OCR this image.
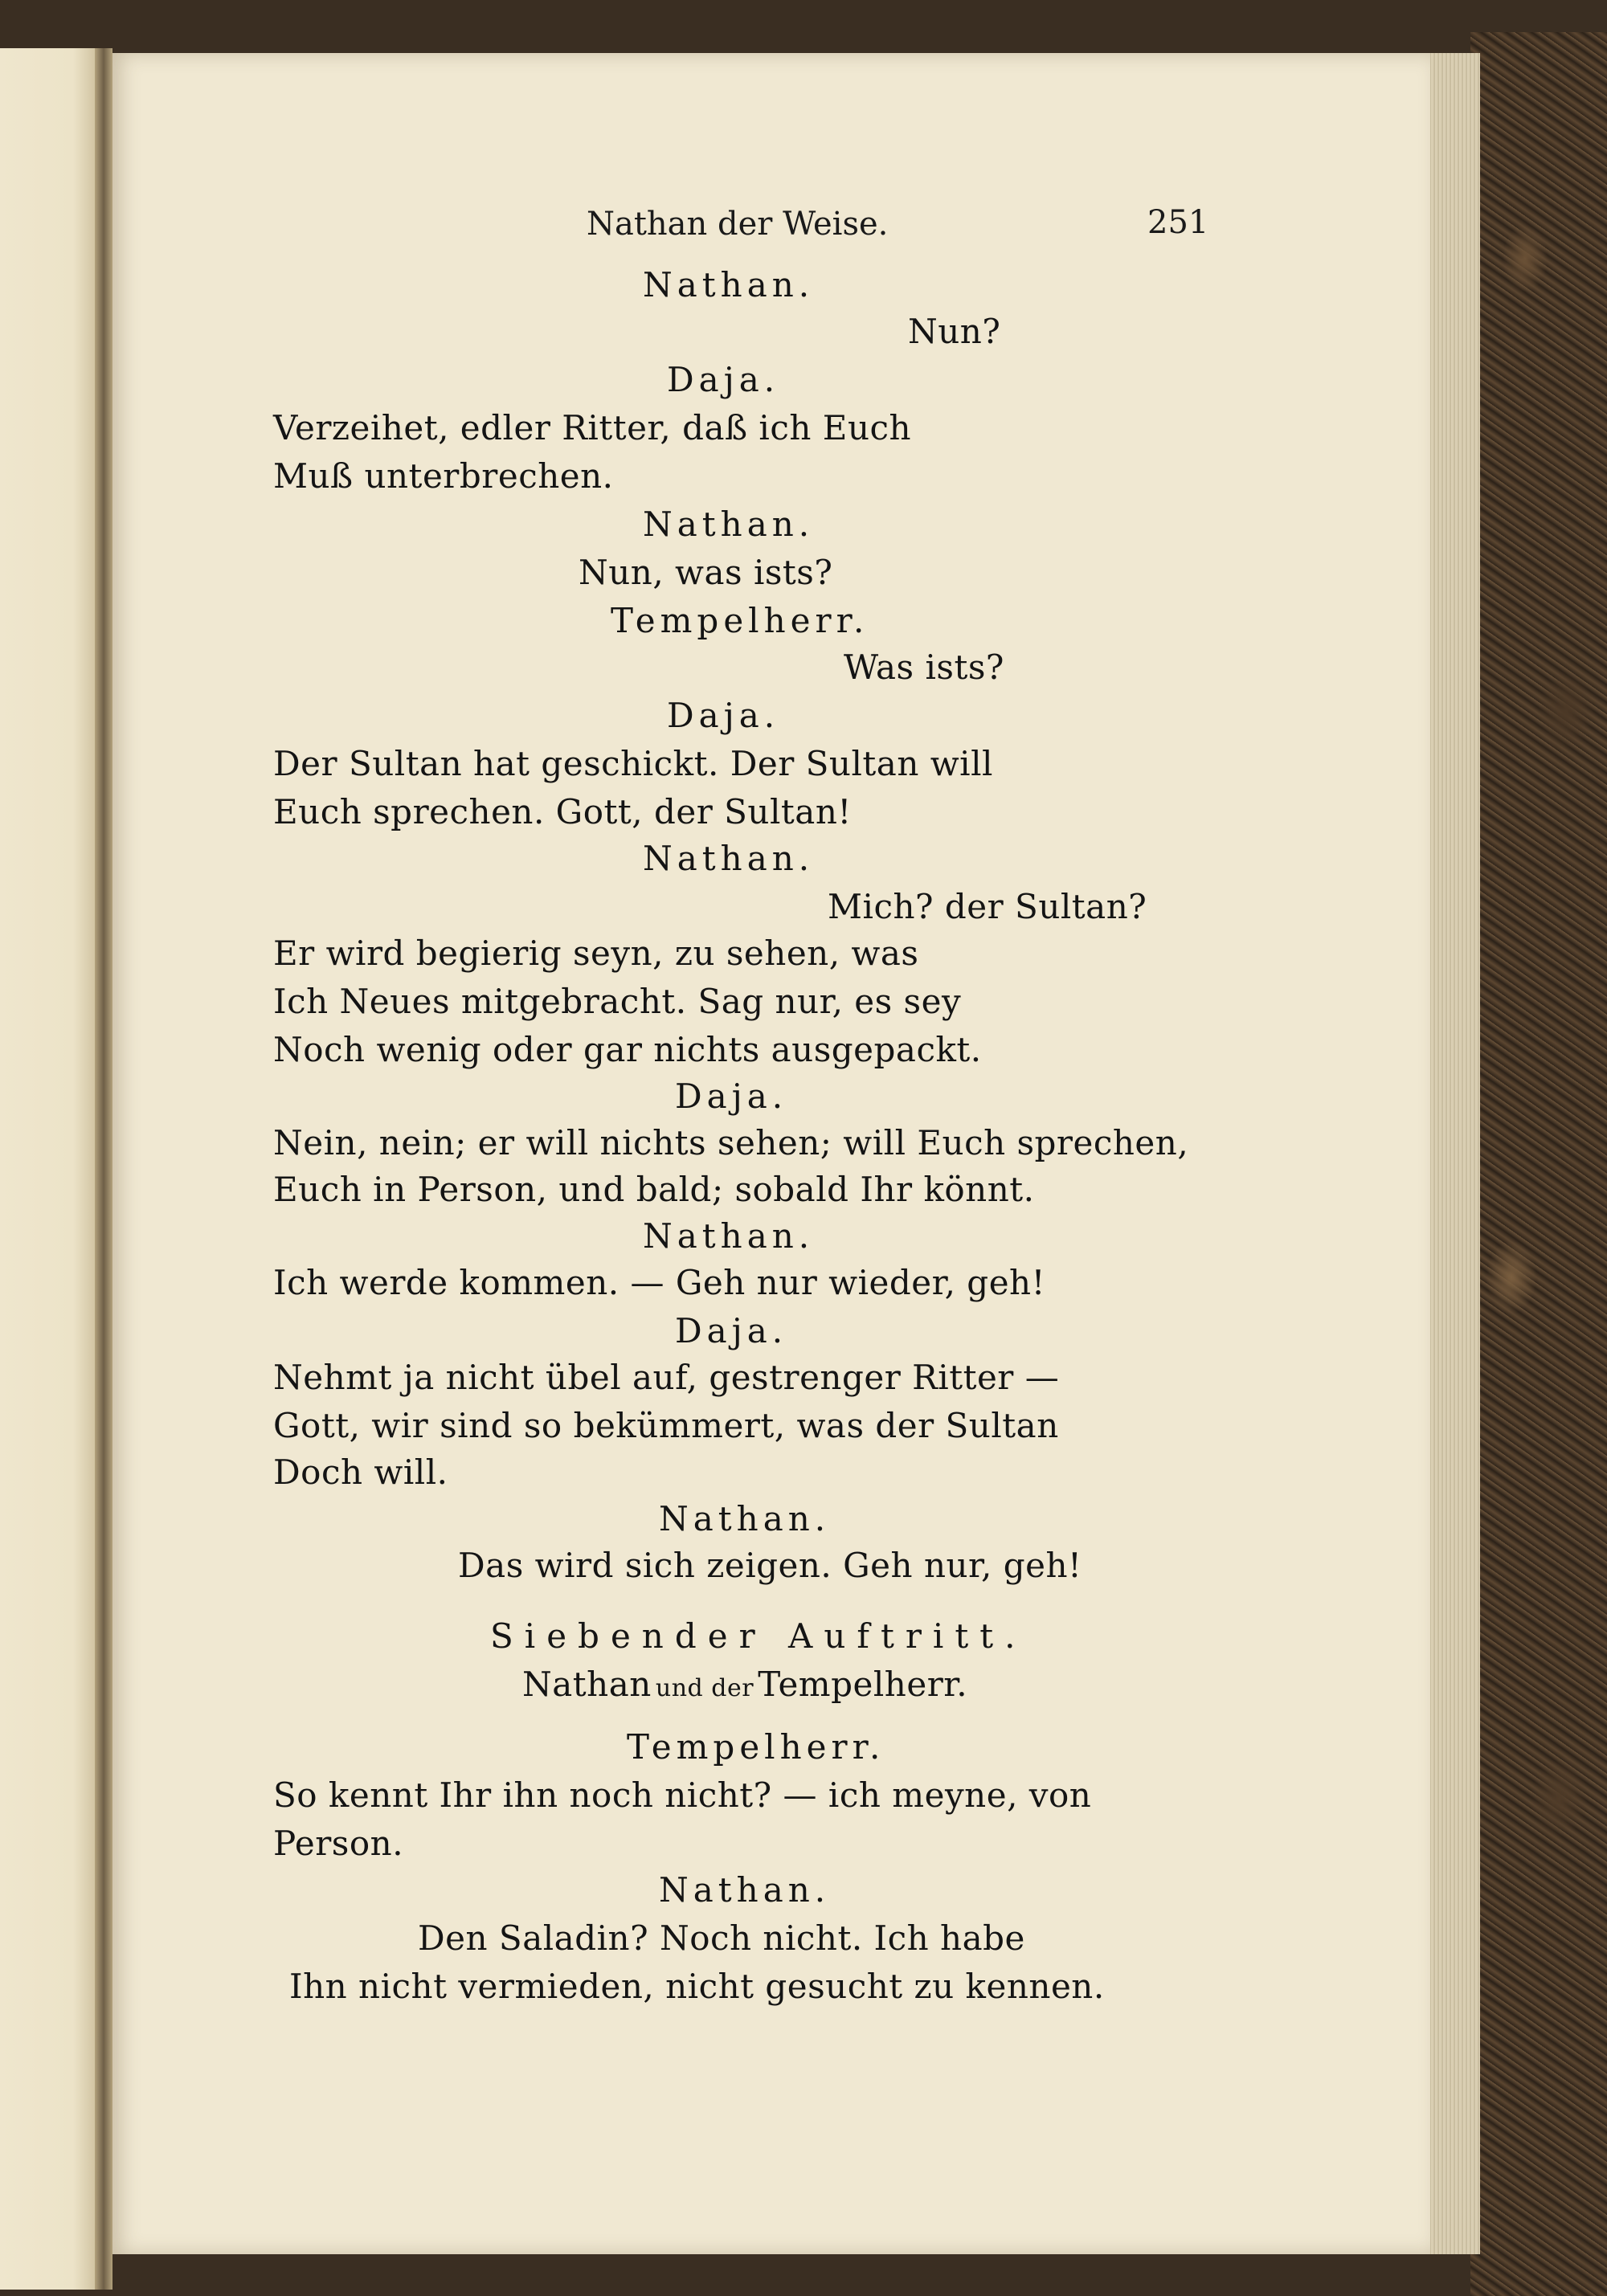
Nathan der Weise.	251
Nathan.
Nun?
Daja.
Verzeihet, edler Ritter, daß ich Euch
Muß unterbrechen.
Nathan.
Nun, was ists?
Tempelherr.
Was ists?
Daja.
Der Sultan hat geschickt. Der Sultan will
Euch sprechen. Gott, der Sultan!
Nathan.
Mich? der Sultan?
Er wird begierig seyn, zu sehen, was
Ich Neues mitgebracht. Sag nur, es sey
Noch wenig oder gar nichts ausgepackt.
Daja.
Nein, nein; er will nichts sehen; will Euch sprechen,
Euch in Person, und bald; sobald Ihr könnt.
Nathan.
Ich werde kommen. — Geh nur wieder, geh!
Daja.
Nehmt ja nicht übel auf, gestrenger Ritter —
Gott, wir sind so bekümmert, was der Sultan
Doch will.
Nathan.
Das wird sich zeigen. Geh nur, geh!
Siebender Auftritt.
Nathan und der Tempelherr.
Tempelherr.
So kennt Ihr ihn noch nicht? — ich meyne, von
Person.
Nathan.
Den Saladin? Noch nicht. Ich habe
Ihn nicht vermieden, nicht gesucht zu kennen.
